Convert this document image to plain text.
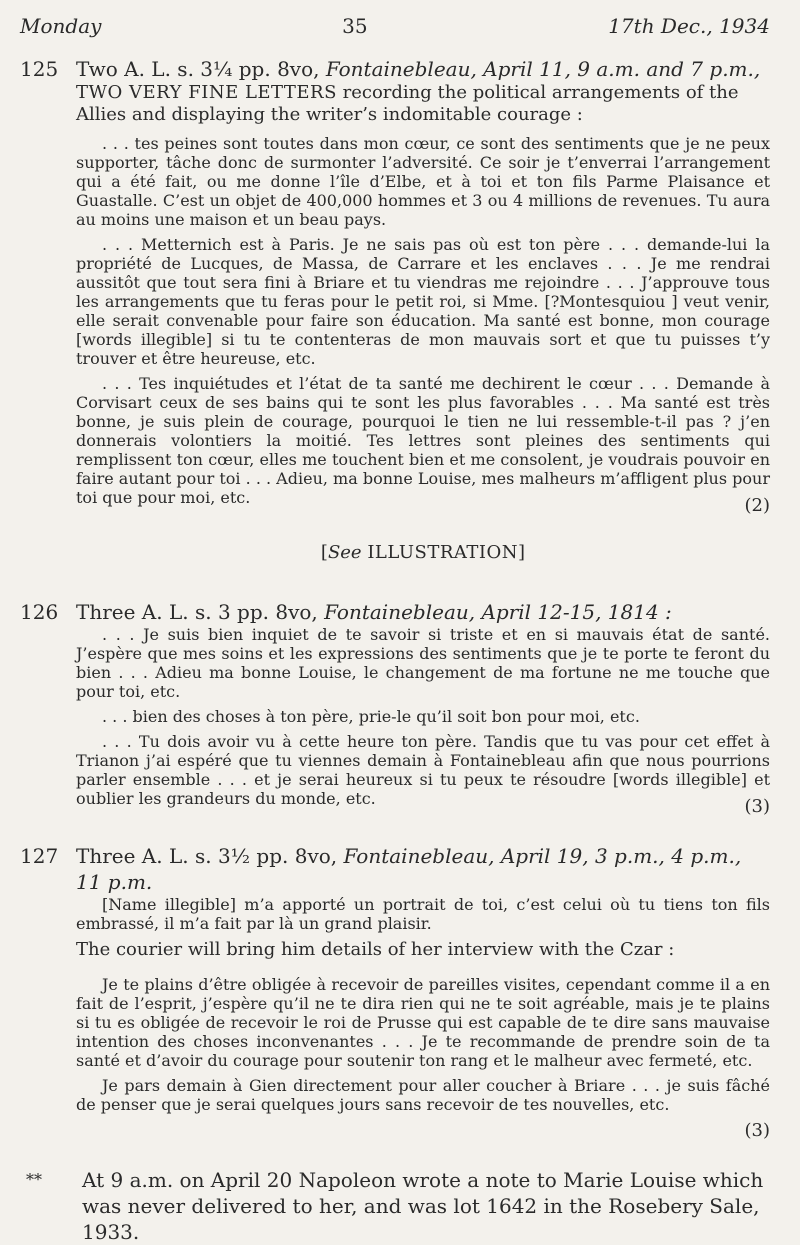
Monday	35	17th Dec., 1934
125 Two A. L. s. 3¼ pp. 8vo, Fontainebleau, April 11, 9 a.m. and 7 p.m.,

TWO VERY FINE LETTERS recording the political arrangements of the Allies and displaying the writer’s indomitable courage :

. . . tes peines sont toutes dans mon cœur, ce sont des sentiments que je ne peux supporter, tâche donc de surmonter l’adversité. Ce soir je t’enverrai l’arrangement qui a été fait, ou me donne l’île d’Elbe, et à toi et ton fils Parme Plaisance et Guastalle. C’est un objet de 400,000 hommes et 3 ou 4 millions de revenues. Tu aura au moins une maison et un beau pays.

. . . Metternich est à Paris. Je ne sais pas où est ton père . . . demande-lui la propriété de Lucques, de Massa, de Carrare et les enclaves . . . Je me rendrai aussitôt que tout sera fini à Briare et tu viendras me rejoindre . . . J’approuve tous les arrangements que tu feras pour le petit roi, si Mme. [?Montesquiou ] veut venir, elle serait convenable pour faire son éducation. Ma santé est bonne, mon courage [words illegible] si tu te contenteras de mon mauvais sort et que tu puisses t’y trouver et être heureuse, etc.

. . . Tes inquiétudes et l’état de ta santé me dechirent le cœur . . . Demande à Corvisart ceux de ses bains qui te sont les plus favorables . . . Ma santé est très bonne, je suis plein de courage, pourquoi le tien ne lui ressemble-t-il pas ? j’en donnerais volontiers la moitié. Tes lettres sont pleines des sentiments qui remplissent ton cœur, elles me touchent bien et me consolent, je voudrais pouvoir en faire autant pour toi . . . Adieu, ma bonne Louise, mes malheurs m’affligent plus pour toi que pour moi, etc.	(2)
[See ILLUSTRATION]
126 Three A. L. s. 3 pp. 8vo, Fontainebleau, April 12-15, 1814 :

. . . Je suis bien inquiet de te savoir si triste et en si mauvais état de santé. J’espère que mes soins et les expressions des sentiments que je te porte te feront du bien . . . Adieu ma bonne Louise, le changement de ma fortune ne me touche que pour toi, etc.

. . . bien des choses à ton père, prie-le qu’il soit bon pour moi, etc.

. . . Tu dois avoir vu à cette heure ton père. Tandis que tu vas pour cet effet à Trianon j’ai espéré que tu viennes demain à Fontainebleau afin que nous pourrions parler ensemble . . . et je serai heureux si tu peux te résoudre [words illegible] et oublier les grandeurs du monde, etc.	(3)
127 Three A. L. s. 3½ pp. 8vo, Fontainebleau, April 19, 3 p.m., 4 p.m., 11 p.m.

[Name illegible] m’a apporté un portrait de toi, c’est celui où tu tiens ton fils embrassé, il m’a fait par là un grand plaisir.

The courier will bring him details of her interview with the Czar :

Je te plains d’être obligée à recevoir de pareilles visites, cependant comme il a en fait de l’esprit, j’espère qu’il ne te dira rien qui ne te soit agréable, mais je te plains si tu es obligée de recevoir le roi de Prusse qui est capable de te dire sans mauvaise intention des choses inconvenantes . . . Je te recommande de prendre soin de ta santé et d’avoir du courage pour soutenir ton rang et le malheur avec fermeté, etc.

Je pars demain à Gien directement pour aller coucher à Briare . . . je suis fâché de penser que je serai quelques jours sans recevoir de tes nouvelles, etc.

(3)
**	At 9 a.m. on April 20 Napoleon wrote a note to Marie Louise which was never delivered to her, and was lot 1642 in the Rosebery Sale, 1933.
